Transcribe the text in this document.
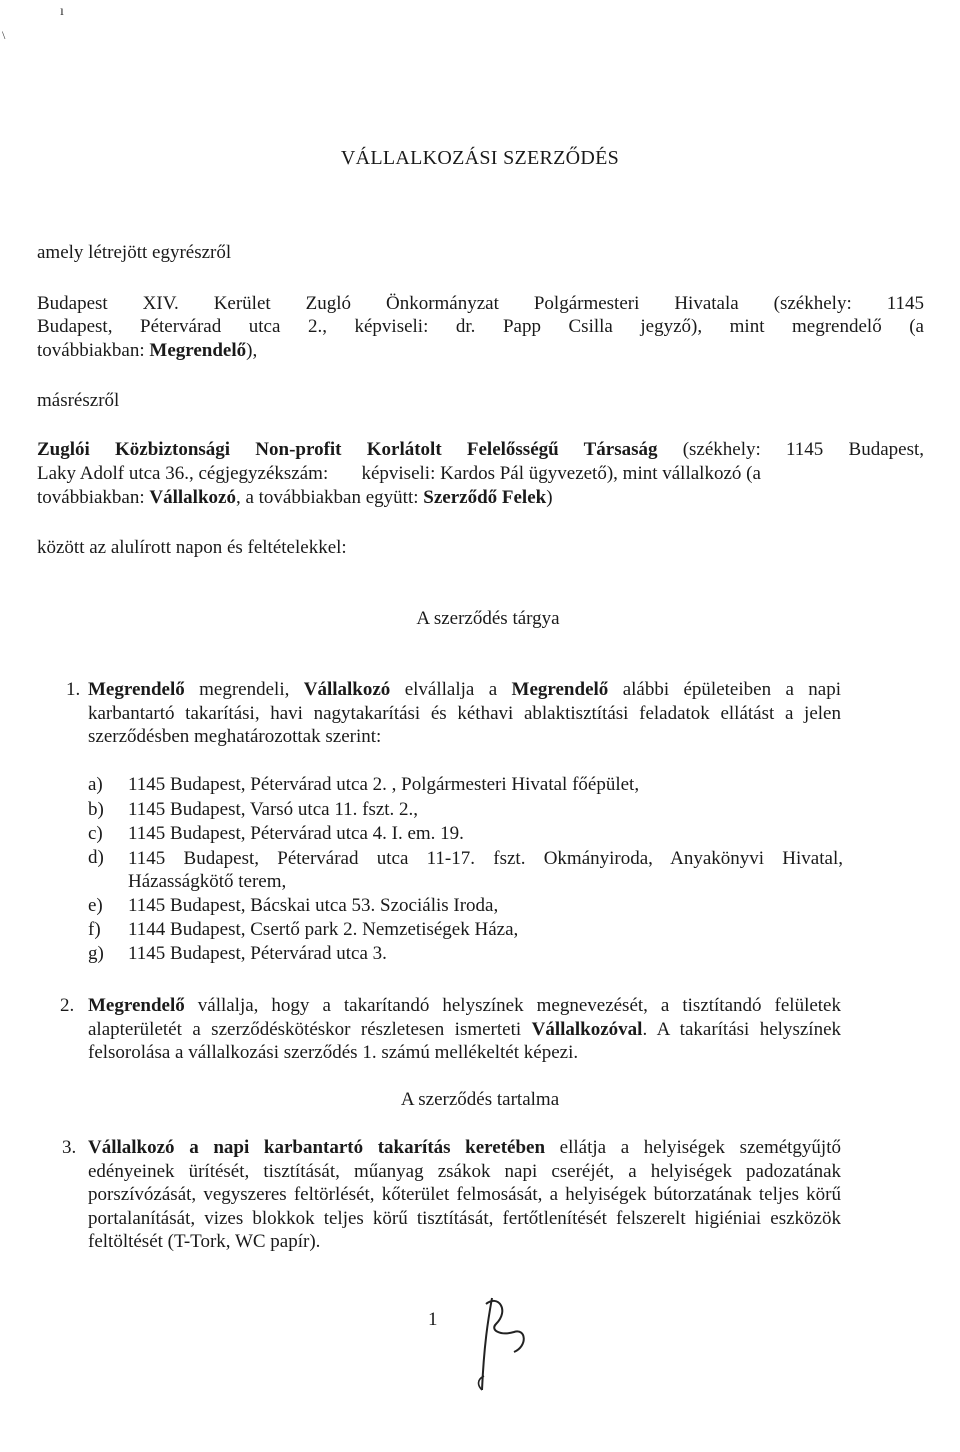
ı
\
VÁLLALKOZÁSI SZERZŐDÉS
amely létrejött egyrészről
Budapest XIV. Kerület Zugló Önkormányzat Polgármesteri Hivatala (székhely: 1145
Budapest, Pétervárad utca 2., képviseli: dr. Papp Csilla jegyző), mint megrendelő (a
továbbiakban: Megrendelő),
másrészről
Zuglói Közbiztonsági Non-profit Korlátolt Felelősségű Társaság (székhely: 1145 Budapest,
Laky Adolf utca 36., cégjegyzékszám:       képviseli: Kardos Pál ügyvezető), mint vállalkozó (a
továbbiakban: Vállalkozó, a továbbiakban együtt: Szerződő Felek)
között az alulírott napon és feltételekkel:
A szerződés tárgya
1. Megrendelő megrendeli, Vállalkozó elvállalja a Megrendelő alábbi épületeiben a napi karbantartó takarítási, havi nagytakarítási és kéthavi ablaktisztítási feladatok ellátást a jelen szerződésben meghatározottak szerint:
a) 1145 Budapest, Pétervárad utca 2. , Polgármesteri Hivatal főépület,
b) 1145 Budapest, Varsó utca 11. fszt. 2.,
c) 1145 Budapest, Pétervárad utca 4. I. em. 19.
d)	1145 Budapest, Pétervárad utca 11-17. fszt. Okmányiroda, Anyakönyvi Hivatal, Házasságkötő terem,
e) 1145 Budapest, Bácskai utca 53. Szociális Iroda,
f) 1144 Budapest, Csertő park 2. Nemzetiségek Háza,
g) 1145 Budapest, Pétervárad utca 3.
2. Megrendelő vállalja, hogy a takarítandó helyszínek megnevezését, a tisztítandó felületek alapterületét a szerződéskötéskor részletesen ismerteti Vállalkozóval. A takarítási helyszínek felsorolása a vállalkozási szerződés 1. számú mellékeltét képezi.
A szerződés tartalma
3. Vállalkozó a napi karbantartó takarítás keretében ellátja a helyiségek szemétgyűjtő edényeinek ürítését, tisztítását, műanyag zsákok napi cseréjét, a helyiségek padozatának porszívózását, vegyszeres feltörlését, kőterület felmosását, a helyiségek bútorzatának teljes körű portalanítását, vizes blokkok teljes körű tisztítását, fertőtlenítését felszerelt higiéniai eszközök feltöltését (T-Tork, WC papír).
1
